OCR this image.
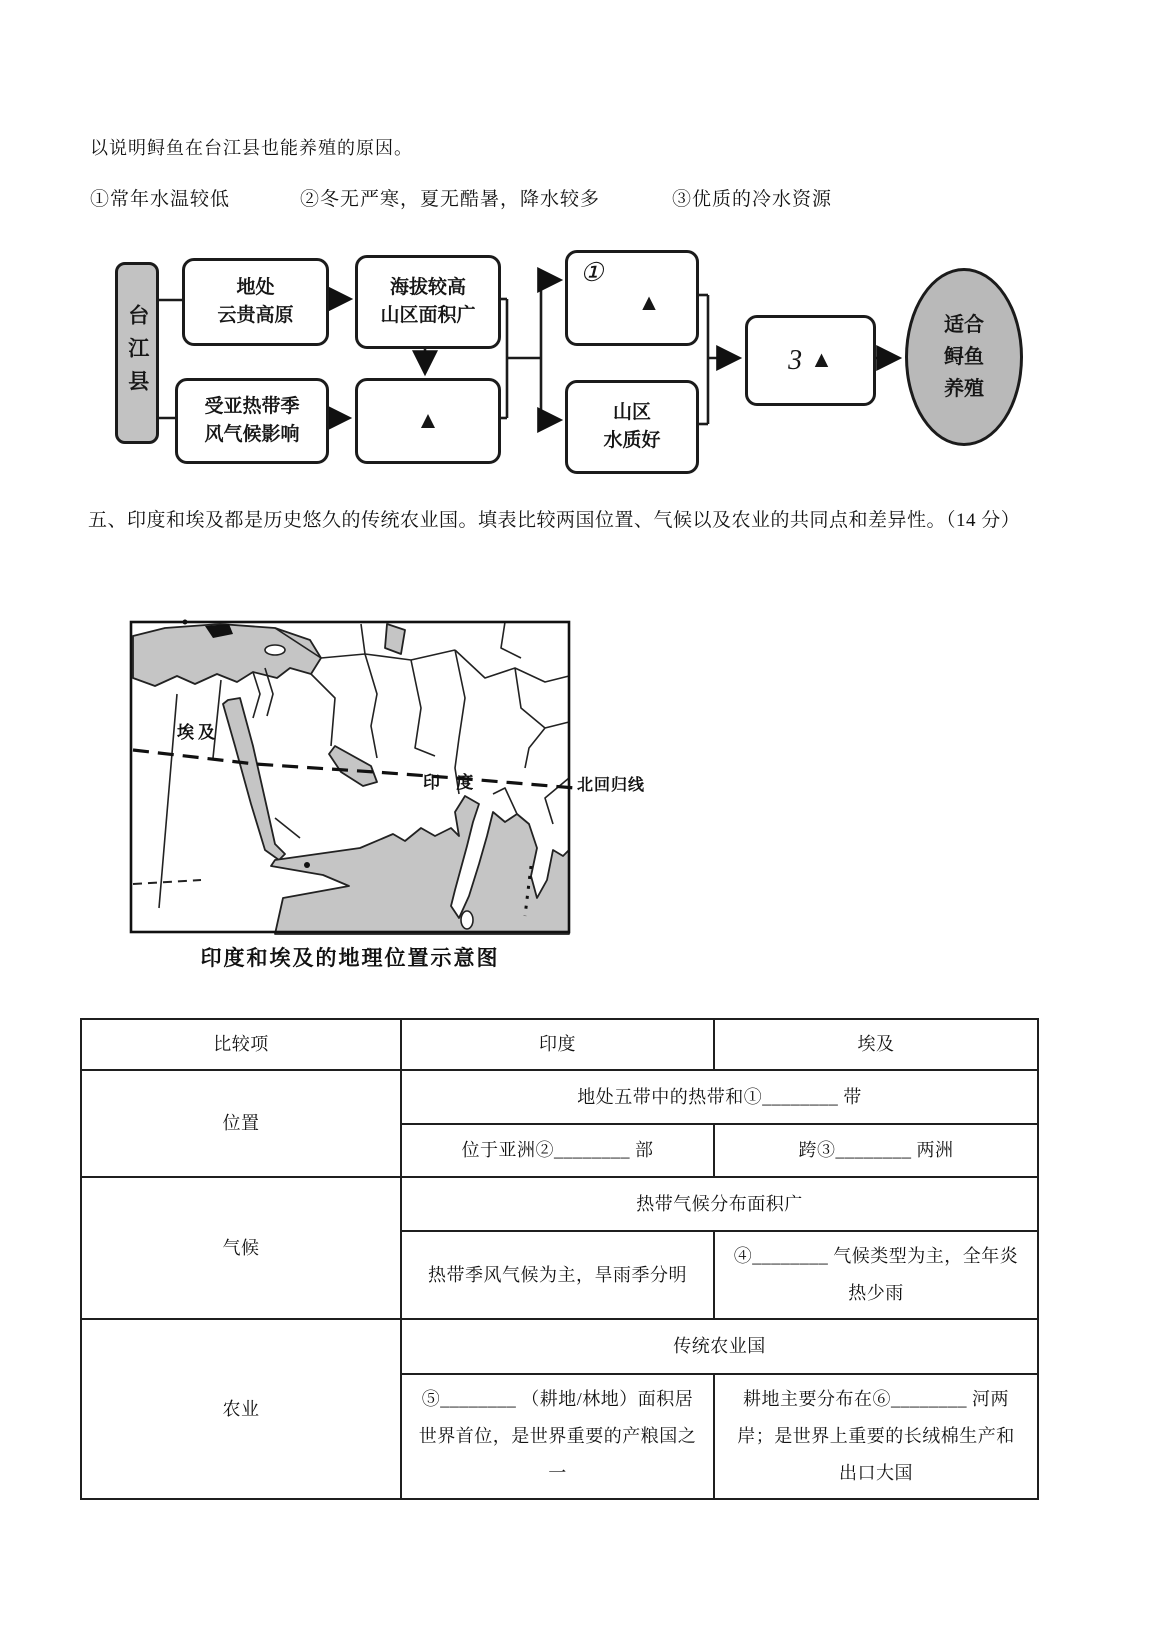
以说明鲟鱼在台江县也能养殖的原因。
①常年水温较低	②冬无严寒，夏无酷暑，降水较多	③优质的冷水资源
台江县
地处
云贵高原
海拔较高
山区面积广
受亚热带季
风气候影响
▲
①
▲
山区
水质好
3 ▲
适合
鲟鱼
养殖
五、印度和埃及都是历史悠久的传统农业国。填表比较两国位置、气候以及农业的共同点和差异性。（14 分）
埃及
印 度	北回归线
印度和埃及的地理位置示意图
比较项	印度	埃及
位置	地处五带中的热带和①________ 带	
	位于亚洲②________ 部	跨③________ 两洲
气候	热带气候分布面积广	
	热带季风气候为主，旱雨季分明	④________ 气候类型为主，全年炎热少雨
农业	传统农业国	
	⑤________ （耕地/林地）面积居世界首位，是世界重要的产粮国之一	耕地主要分布在⑥________ 河两岸；是世界上重要的长绒棉生产和出口大国
